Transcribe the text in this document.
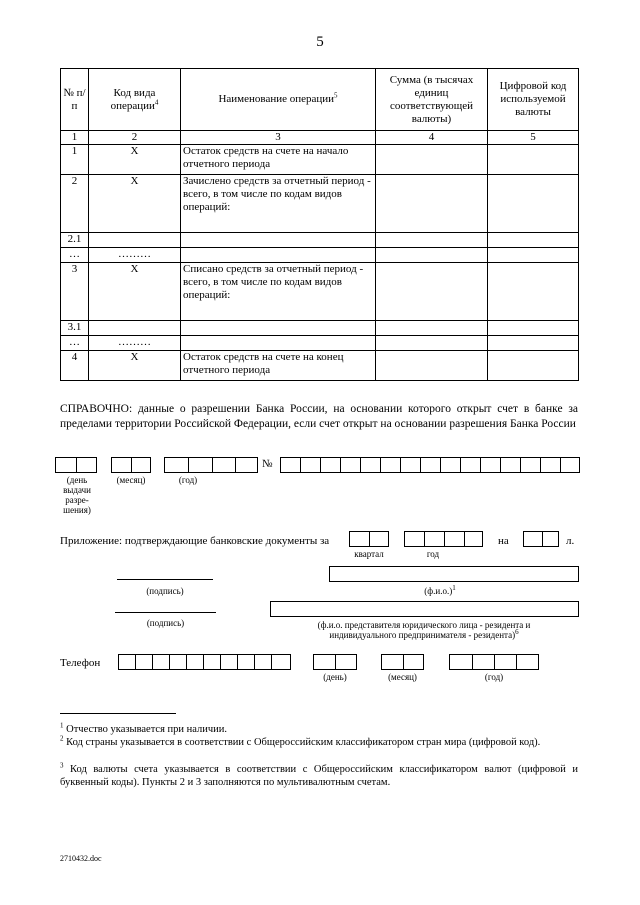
5
№ п/п	Код вида операции$^4$	Наименование операции$^5$	Сумма (в тысячах единиц соответствующей валюты)	Цифровой код используемой валюты
1	2	3	4	5
1	Х	Остаток средств на счете на начало отчетного периода		
2	Х	Зачислено средств за отчетный период - всего, в том числе по кодам видов операций:		
2.1				
…	………			
3	Х	Списано средств за отчетный период - всего, в том числе по кодам видов операций:		
3.1				
…	………			
4	Х	Остаток средств на счете на конец отчетного периода		
СПРАВОЧНО: данные о разрешении Банка России, на основании которого открыт счет в банке за пределами территории Российской Федерации, если счет открыт на основании разрешения Банка России
№
(день выдачи разре-шения)
(месяц)	(год)
Приложение: подтверждающие банковские документы за	на	л.
квартал	год
(подпись)	$(ф.и.о.)^1$
(подпись)	(ф.и.о. представителя юридического лица - резидента и индивидуального предпринимателя - резидента)$^6$
Телефон
(день)	(месяц)	(год)
$^1$ Отчество указывается при наличии.
$^2$ Код страны указывается в соответствии с Общероссийским классификатором стран мира (цифровой код).
$^3$ Код валюты счета указывается в соответствии с Общероссийским классификатором валют (цифровой и буквенный коды). Пункты 2 и 3 заполняются по мультивалютным счетам.
2710432.doc
